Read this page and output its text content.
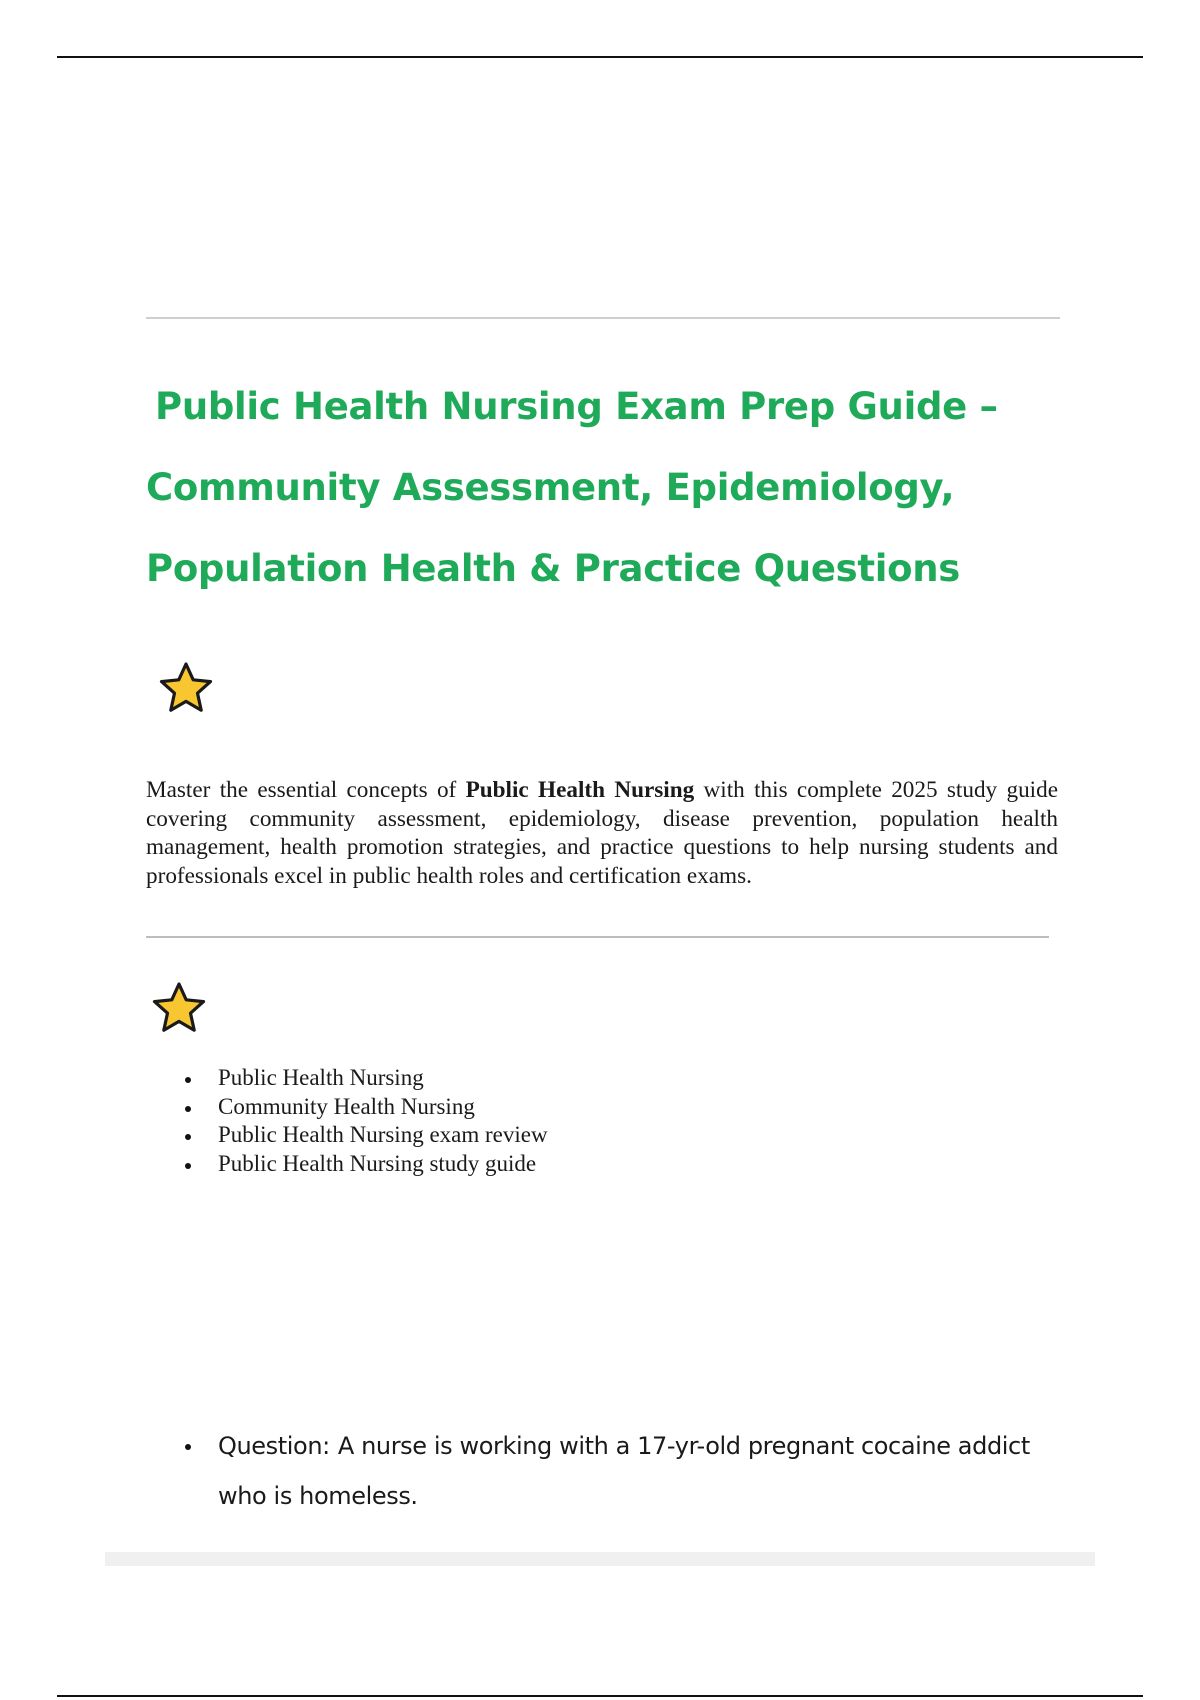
Public Health Nursing Exam Prep Guide –
Community Assessment, Epidemiology,
Population Health & Practice Questions

Master the essential concepts of Public Health Nursing with this complete 2025 study guide covering community assessment, epidemiology, disease prevention, population health management, health promotion strategies, and practice questions to help nursing students and professionals excel in public health roles and certification exams.

Public Health Nursing
Community Health Nursing
Public Health Nursing exam review
Public Health Nursing study guide
Question: A nurse is working with a 17-yr-old pregnant cocaine addict who is homeless.
